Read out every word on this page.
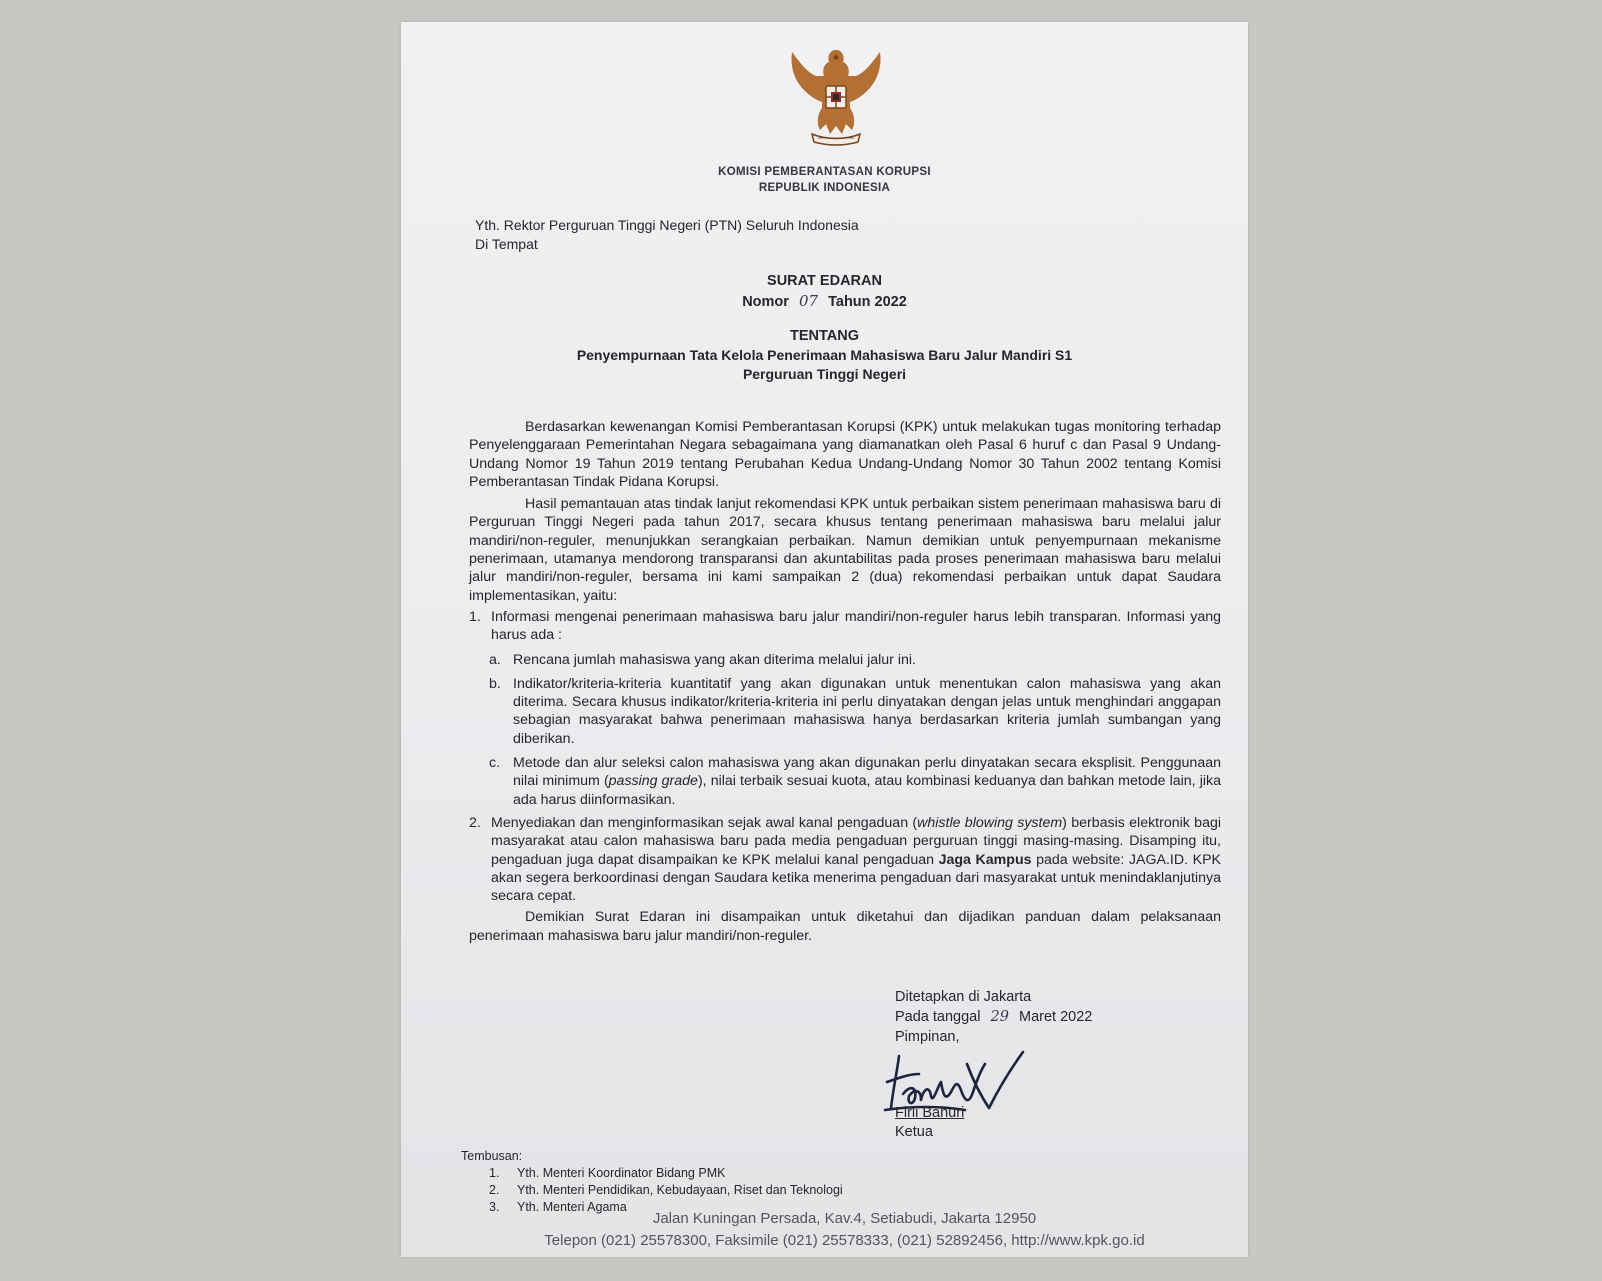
KOMISI PEMBERANTASAN KORUPSI
REPUBLIK INDONESIA
Yth. Rektor Perguruan Tinggi Negeri (PTN) Seluruh Indonesia
Di Tempat
SURAT EDARAN
Nomor 07 Tahun 2022
TENTANG
Penyempurnaan Tata Kelola Penerimaan Mahasiswa Baru Jalur Mandiri S1
Perguruan Tinggi Negeri

Berdasarkan kewenangan Komisi Pemberantasan Korupsi (KPK) untuk melakukan tugas monitoring terhadap Penyelenggaraan Pemerintahan Negara sebagaimana yang diamanatkan oleh Pasal 6 huruf c dan Pasal 9 Undang-Undang Nomor 19 Tahun 2019 tentang Perubahan Kedua Undang-Undang Nomor 30 Tahun 2002 tentang Komisi Pemberantasan Tindak Pidana Korupsi.

Hasil pemantauan atas tindak lanjut rekomendasi KPK untuk perbaikan sistem penerimaan mahasiswa baru di Perguruan Tinggi Negeri pada tahun 2017, secara khusus tentang penerimaan mahasiswa baru melalui jalur mandiri/non-reguler, menunjukkan serangkaian perbaikan. Namun demikian untuk penyempurnaan mekanisme penerimaan, utamanya mendorong transparansi dan akuntabilitas pada proses penerimaan mahasiswa baru melalui jalur mandiri/non-reguler, bersama ini kami sampaikan 2 (dua) rekomendasi perbaikan untuk dapat Saudara implementasikan, yaitu:

1. Informasi mengenai penerimaan mahasiswa baru jalur mandiri/non-reguler harus lebih transparan. Informasi yang harus ada :
a. Rencana jumlah mahasiswa yang akan diterima melalui jalur ini.
b. Indikator/kriteria-kriteria kuantitatif yang akan digunakan untuk menentukan calon mahasiswa yang akan diterima. Secara khusus indikator/kriteria-kriteria ini perlu dinyatakan dengan jelas untuk menghindari anggapan sebagian masyarakat bahwa penerimaan mahasiswa hanya berdasarkan kriteria jumlah sumbangan yang diberikan.
c. Metode dan alur seleksi calon mahasiswa yang akan digunakan perlu dinyatakan secara eksplisit. Penggunaan nilai minimum (passing grade), nilai terbaik sesuai kuota, atau kombinasi keduanya dan bahkan metode lain, jika ada harus diinformasikan.
2. Menyediakan dan menginformasikan sejak awal kanal pengaduan (whistle blowing system) berbasis elektronik bagi masyarakat atau calon mahasiswa baru pada media pengaduan perguruan tinggi masing-masing. Disamping itu, pengaduan juga dapat disampaikan ke KPK melalui kanal pengaduan Jaga Kampus pada website: JAGA.ID. KPK akan segera berkoordinasi dengan Saudara ketika menerima pengaduan dari masyarakat untuk menindaklanjutinya secara cepat.

Demikian Surat Edaran ini disampaikan untuk diketahui dan dijadikan panduan dalam pelaksanaan penerimaan mahasiswa baru jalur mandiri/non-reguler.

Ditetapkan di Jakarta
Pada tanggal 29 Maret 2022
Pimpinan,
Firli Bahuri
Ketua
Tembusan:
1. Yth. Menteri Koordinator Bidang PMK
2. Yth. Menteri Pendidikan, Kebudayaan, Riset dan Teknologi
3. Yth. Menteri Agama
Jalan Kuningan Persada, Kav.4, Setiabudi, Jakarta 12950
Telepon (021) 25578300, Faksimile (021) 25578333, (021) 52892456, http://www.kpk.go.id
